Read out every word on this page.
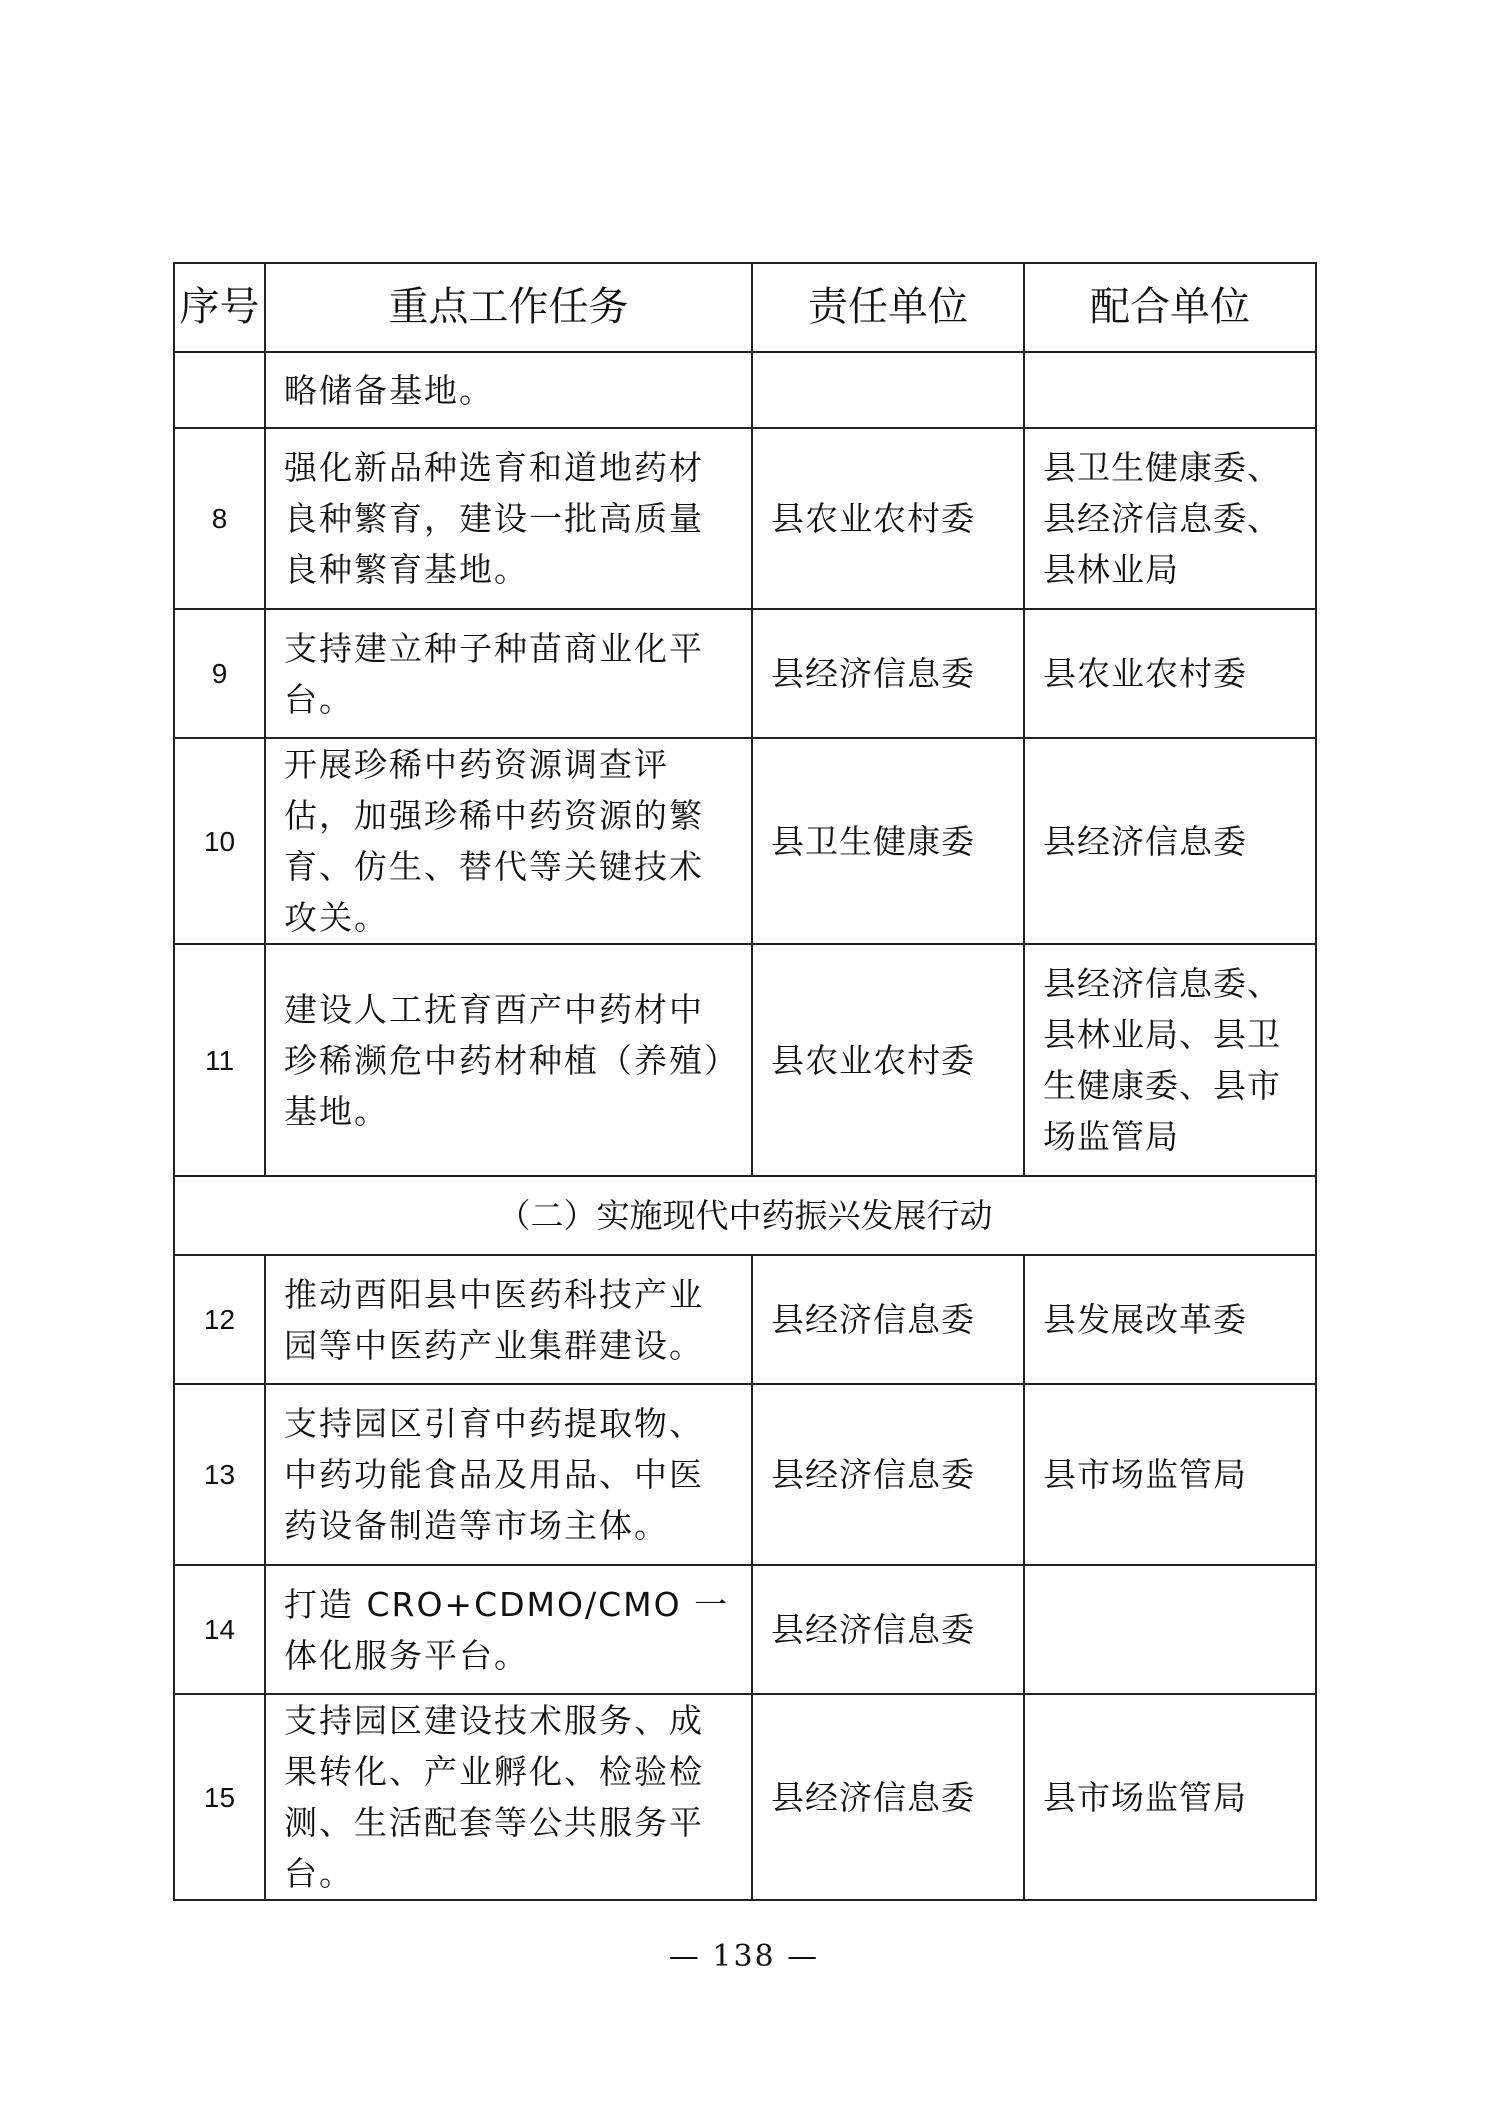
序号	重点工作任务	责任单位	配合单位
	略储备基地。		
8	强化新品种选育和道地药材良种繁育，建设一批高质量良种繁育基地。	县农业农村委	县卫生健康委、县经济信息委、县林业局
9	支持建立种子种苗商业化平台。	县经济信息委	县农业农村委
10	开展珍稀中药资源调查评估，加强珍稀中药资源的繁育、仿生、替代等关键技术攻关。	县卫生健康委	县经济信息委
11	建设人工抚育酉产中药材中珍稀濒危中药材种植（养殖）基地。	县农业农村委	县经济信息委、县林业局、县卫生健康委、县市场监管局
（二）实施现代中药振兴发展行动			
12	推动酉阳县中医药科技产业园等中医药产业集群建设。	县经济信息委	县发展改革委
13	支持园区引育中药提取物、中药功能食品及用品、中医药设备制造等市场主体。	县经济信息委	县市场监管局
14	打造 CRO+CDMO/CMO 一体化服务平台。	县经济信息委	
15	支持园区建设技术服务、成果转化、产业孵化、检验检测、生活配套等公共服务平台。	县经济信息委	县市场监管局
— 138 —
